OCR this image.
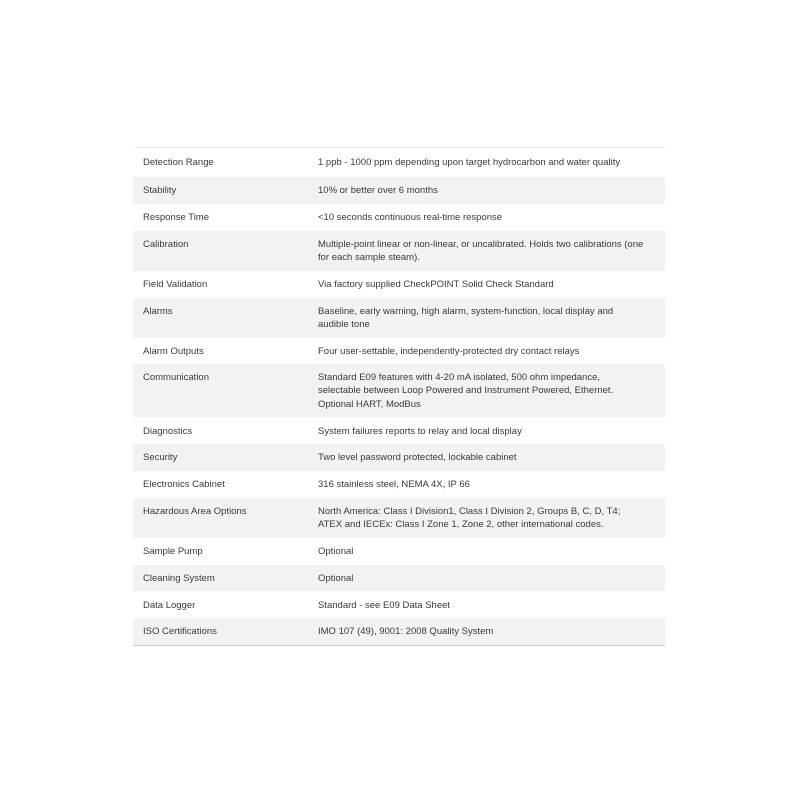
Detection Range	1 ppb - 1000 ppm depending upon target hydrocarbon and water quality
Stability	10% or better over 6 months
Response Time	<10 seconds continuous real-time response
Calibration	Multiple-point linear or non-linear, or uncalibrated. Holds two calibrations (one for each sample steam).
Field Validation	Via factory supplied CheckPOINT Solid Check Standard
Alarms	Baseline, early warning, high alarm, system-function, local display and audible tone
Alarm Outputs	Four user-settable, independently-protected dry contact relays
Communication	Standard E09 features with 4-20 mA isolated, 500 ohm impedance, selectable between Loop Powered and Instrument Powered, Ethernet. Optional HART, ModBus
Diagnostics	System failures reports to relay and local display
Security	Two level password protected, lockable cabinet
Electronics Cabinet	316 stainless steel, NEMA 4X, IP 66
Hazardous Area Options	North America: Class I Division1, Class I Division 2, Groups B, C, D, T4; ATEX and IECEx: Class I Zone 1, Zone 2, other international codes.
Sample Pump	Optional
Cleaning System	Optional
Data Logger	Standard - see E09 Data Sheet
ISO Certifications	IMO 107 (49), 9001: 2008 Quality System
